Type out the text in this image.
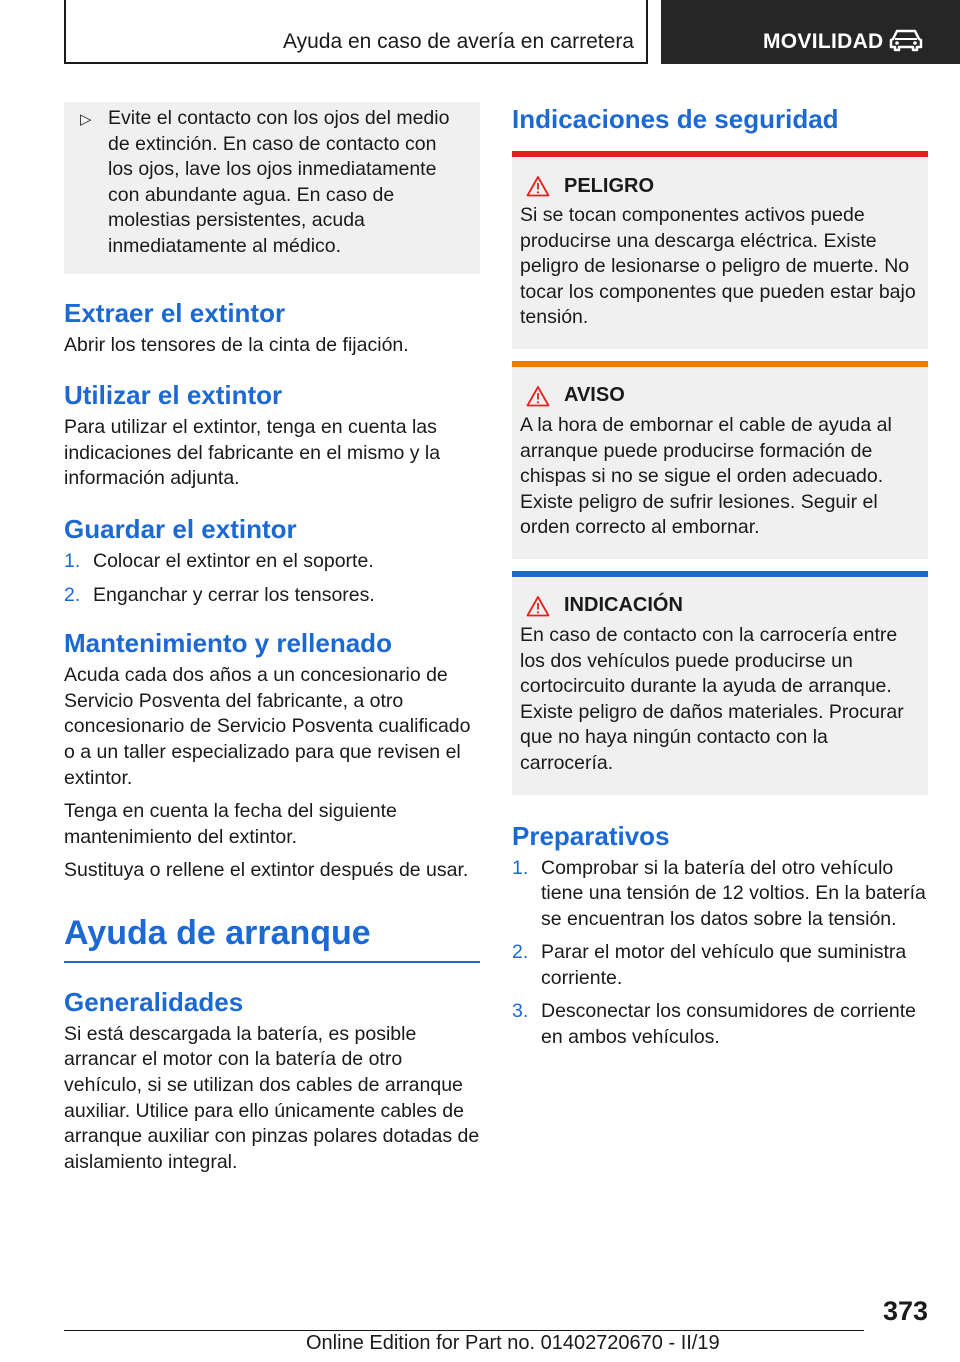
Ayuda en caso de avería en carretera	MOVILIDAD
▷ Evite el contacto con los ojos del medio de extinción. En caso de contacto con los ojos, lave los ojos inmediatamente con abundante agua. En caso de molestias persistentes, acuda inmediatamente al médico.
Extraer el extintor

Abrir los tensores de la cinta de fijación.

Utilizar el extintor

Para utilizar el extintor, tenga en cuenta las indicaciones del fabricante en el mismo y la información adjunta.

Guardar el extintor
1. Colocar el extintor en el soporte.
2. Enganchar y cerrar los tensores.
Mantenimiento y rellenado

Acuda cada dos años a un concesionario de Servicio Posventa del fabricante, a otro concesionario de Servicio Posventa cualificado o a un taller especializado para que revisen el extintor.

Tenga en cuenta la fecha del siguiente mantenimiento del extintor.

Sustituya o rellene el extintor después de usar.

Ayuda de arranque
Generalidades

Si está descargada la batería, es posible arrancar el motor con la batería de otro vehículo, si se utilizan dos cables de arranque auxiliar. Utilice para ello únicamente cables de arranque auxiliar con pinzas polares dotadas de aislamiento integral.

Indicaciones de seguridad
PELIGRO
Si se tocan componentes activos puede producirse una descarga eléctrica. Existe peligro de lesionarse o peligro de muerte. No tocar los componentes que pueden estar bajo tensión.
AVISO
A la hora de embornar el cable de ayuda al arranque puede producirse formación de chispas si no se sigue el orden adecuado. Existe peligro de sufrir lesiones. Seguir el orden correcto al embornar.
INDICACIÓN
En caso de contacto con la carrocería entre los dos vehículos puede producirse un cortocircuito durante la ayuda de arranque. Existe peligro de daños materiales. Procurar que no haya ningún contacto con la carrocería.
Preparativos
1. Comprobar si la batería del otro vehículo tiene una tensión de 12 voltios. En la batería se encuentran los datos sobre la tensión.
2. Parar el motor del vehículo que suministra corriente.
3. Desconectar los consumidores de corriente en ambos vehículos.
373
Online Edition for Part no. 01402720670 - II/19
